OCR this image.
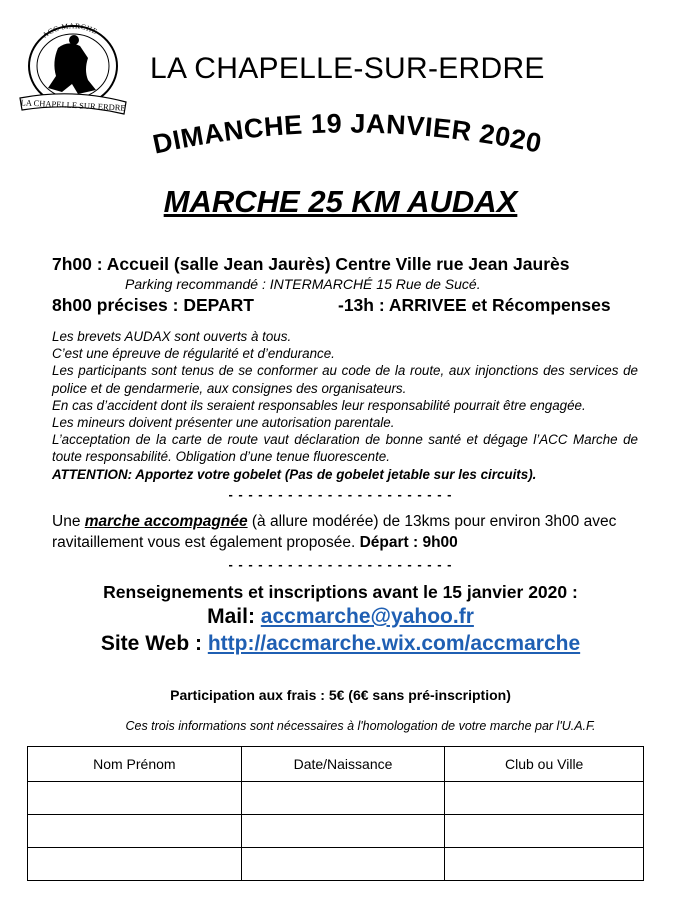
ACC MARCHE
LA CHAPELLE SUR ERDRE
LA CHAPELLE-SUR-ERDRE
DIMANCHE 19 JANVIER 2020
MARCHE 25 KM AUDAX
7h00 : Accueil (salle Jean Jaurès) Centre Ville rue Jean Jaurès
Parking recommandé : INTERMARCHÉ 15 Rue de Sucé.
8h00 précises : DEPART	-13h : ARRIVEE et Récompenses

Les brevets AUDAX sont ouverts à tous.

C’est une épreuve de régularité et d’endurance.

Les participants sont tenus de se conformer au code de la route, aux injonctions des services de police et de gendarmerie, aux consignes des organisateurs.

En cas d’accident dont ils seraient responsables leur responsabilité pourrait être engagée.

Les mineurs doivent présenter une autorisation parentale.

L’acceptation de la carte de route vaut déclaration de bonne santé et dégage l’ACC Marche de toute responsabilité. Obligation d’une tenue fluorescente.

ATTENTION: Apportez votre gobelet (Pas de gobelet jetable sur les circuits).

- - - - - - - - - - - - - - - - - - - - - - -

Une marche accompagnée (à allure modérée) de 13kms pour environ 3h00 avec ravitaillement vous est également proposée. Départ : 9h00

- - - - - - - - - - - - - - - - - - - - - - -
Renseignements et inscriptions avant le 15 janvier 2020 :
Mail: accmarche@yahoo.fr
Site Web : http://accmarche.wix.com/accmarche
Participation aux frais : 5€ (6€ sans pré-inscription)
Ces trois informations sont nécessaires à l'homologation de votre marche par l'U.A.F.
Nom Prénom	Date/Naissance	Club ou Ville
